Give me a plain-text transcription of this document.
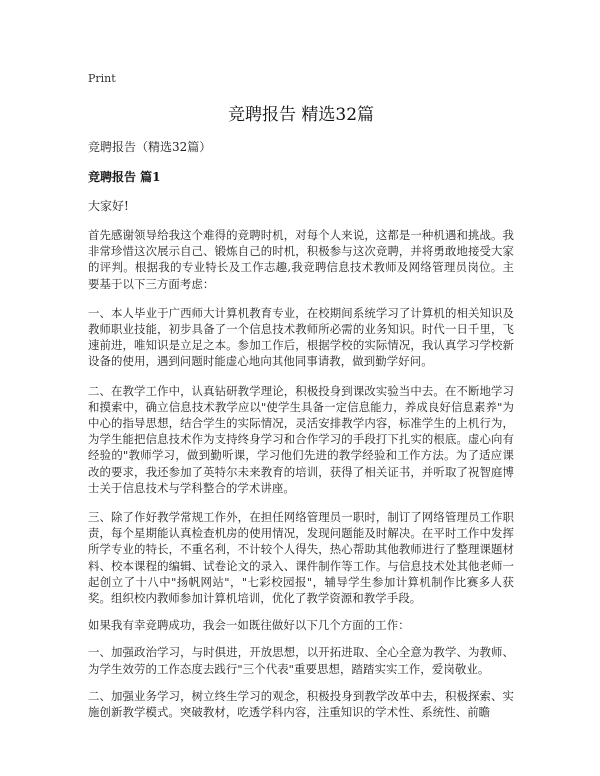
Print

竞聘报告 精选32篇

竞聘报告（精选32篇）

竞聘报告 篇1

大家好!

首先感谢领导给我这个难得的竞聘时机，对每个人来说，这都是一种机遇和挑战。我非常珍惜这次展示自己、锻炼自己的时机，积极参与这次竞聘，并将勇敢地接受大家的评判。根据我的专业特长及工作志趣,我竞聘信息技术教师及网络管理员岗位。主要基于以下三方面考虑：

一、本人毕业于广西师大计算机教育专业，在校期间系统学习了计算机的相关知识及教师职业技能，初步具备了一个信息技术教师所必需的业务知识。时代一日千里，飞速前进，唯知识是立足之本。参加工作后，根据学校的实际情况，我认真学习学校新设备的使用，遇到问题时能虚心地向其他同事请教，做到勤学好问。

二、在教学工作中，认真钻研教学理论，积极投身到课改实验当中去。在不断地学习和摸索中，确立信息技术教学应以"使学生具备一定信息能力，养成良好信息素养"为中心的指导思想，结合学生的实际情况，灵活安排教学内容，标准学生的上机行为，为学生能把信息技术作为支持终身学习和合作学习的手段打下扎实的根底。虚心向有经验的"教师学习，做到勤听课，学习他们先进的教学经验和工作方法。为了适应课改的要求，我还参加了英特尔未来教育的培训，获得了相关证书，并听取了祝智庭博士关于信息技术与学科整合的学术讲座。

三、除了作好教学常规工作外，在担任网络管理员一职时，制订了网络管理员工作职责，每个星期能认真检查机房的使用情况，发现问题能及时解决。在平时工作中发挥所学专业的特长，不重名利，不计较个人得失，热心帮助其他教师进行了整理课题材料、校本课程的编辑、试卷论文的录入、课件制作等工作。与信息技术处其他老师一起创立了十八中"扬帆网站"，"七彩校园报"，辅导学生参加计算机制作比赛多人获奖。组织校内教师参加计算机培训，优化了教学资源和教学手段。

如果我有幸竞聘成功，我会一如既往做好以下几个方面的工作：

一、加强政治学习，与时俱进，开放思想，以开拓进取、全心全意为教学、为教师、为学生效劳的工作态度去践行"三个代表"重要思想，踏踏实实工作，爱岗敬业。

二、加强业务学习，树立终生学习的观念，积极投身到教学改革中去，积极探索、实施创新教学模式。突破教材，吃透学科内容，注重知识的学术性、系统性、前瞻
